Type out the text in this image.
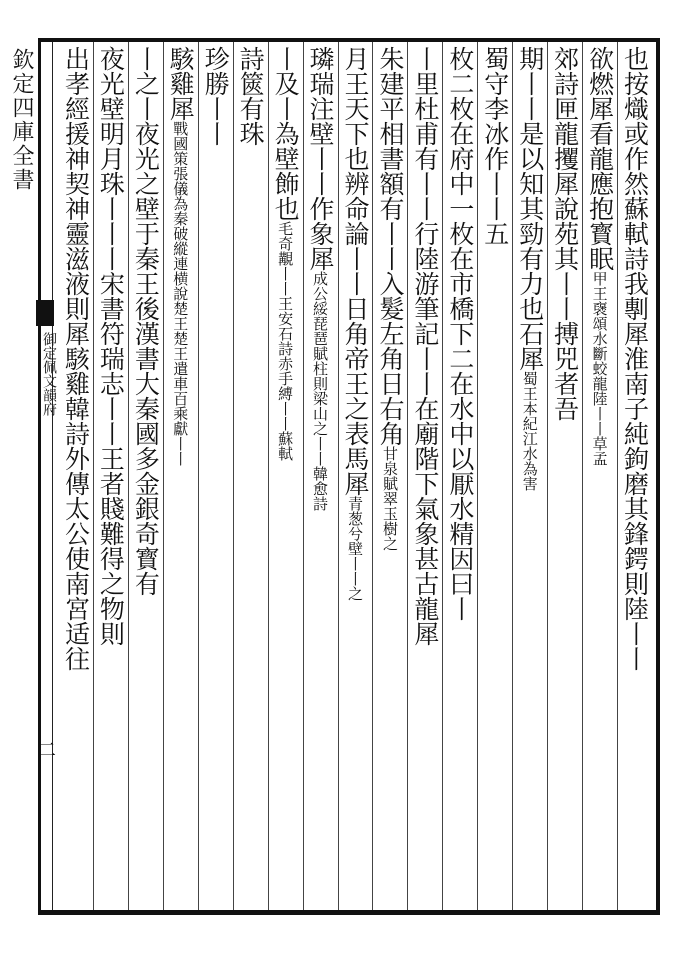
欽定四庫全書
御定佩文韻府
二
也按熾或作然蘇軾詩
我
剸犀
淮南子純鉤磨其鋒鍔則陸丨丨
欲燃犀看龍應抱寳眠
甲王襃頌水斷蛟龍陸丨丨草孟
郊詩匣龍
攫犀
說苑其丨丨搏兕者吾
期丨丨
是以知其勁有力也
石犀
蜀王本紀江水為害
蜀守李冰作丨丨五
枚二枚在府中一枚在市橋下二在水中以厭水精因曰丨
丨里杜甫有丨丨行陸游筆記丨丨在廟階下氣象甚古
龍犀
朱建平相書額有丨丨入髮左角日右角
甘泉賦翠玉樹之
月王天下也辨命論丨丨日角帝王之表
馬犀
青葱兮壁丨丨之
璘瑞注壁丨丨作
象犀
成公綏琵琶賦柱則梁山之丨丨韓愈詩
丨及丨為壁飾也
毛奇覯丨丨王安石詩赤手縛丨丨蘇軾
詩篋有珠
珍勝丨丨
駭雞犀
戰國策張儀為秦破縱連横說楚王楚王遣車百乘獻丨丨
丨之丨夜光之壁于秦王後漢書大秦國多金銀奇寳有
夜光壁明月珠丨丨丨宋書符瑞志丨丨王者賤難得之物則
出孝經援神契神靈滋液則犀駭雞韓詩外傳太公使南宮适往
